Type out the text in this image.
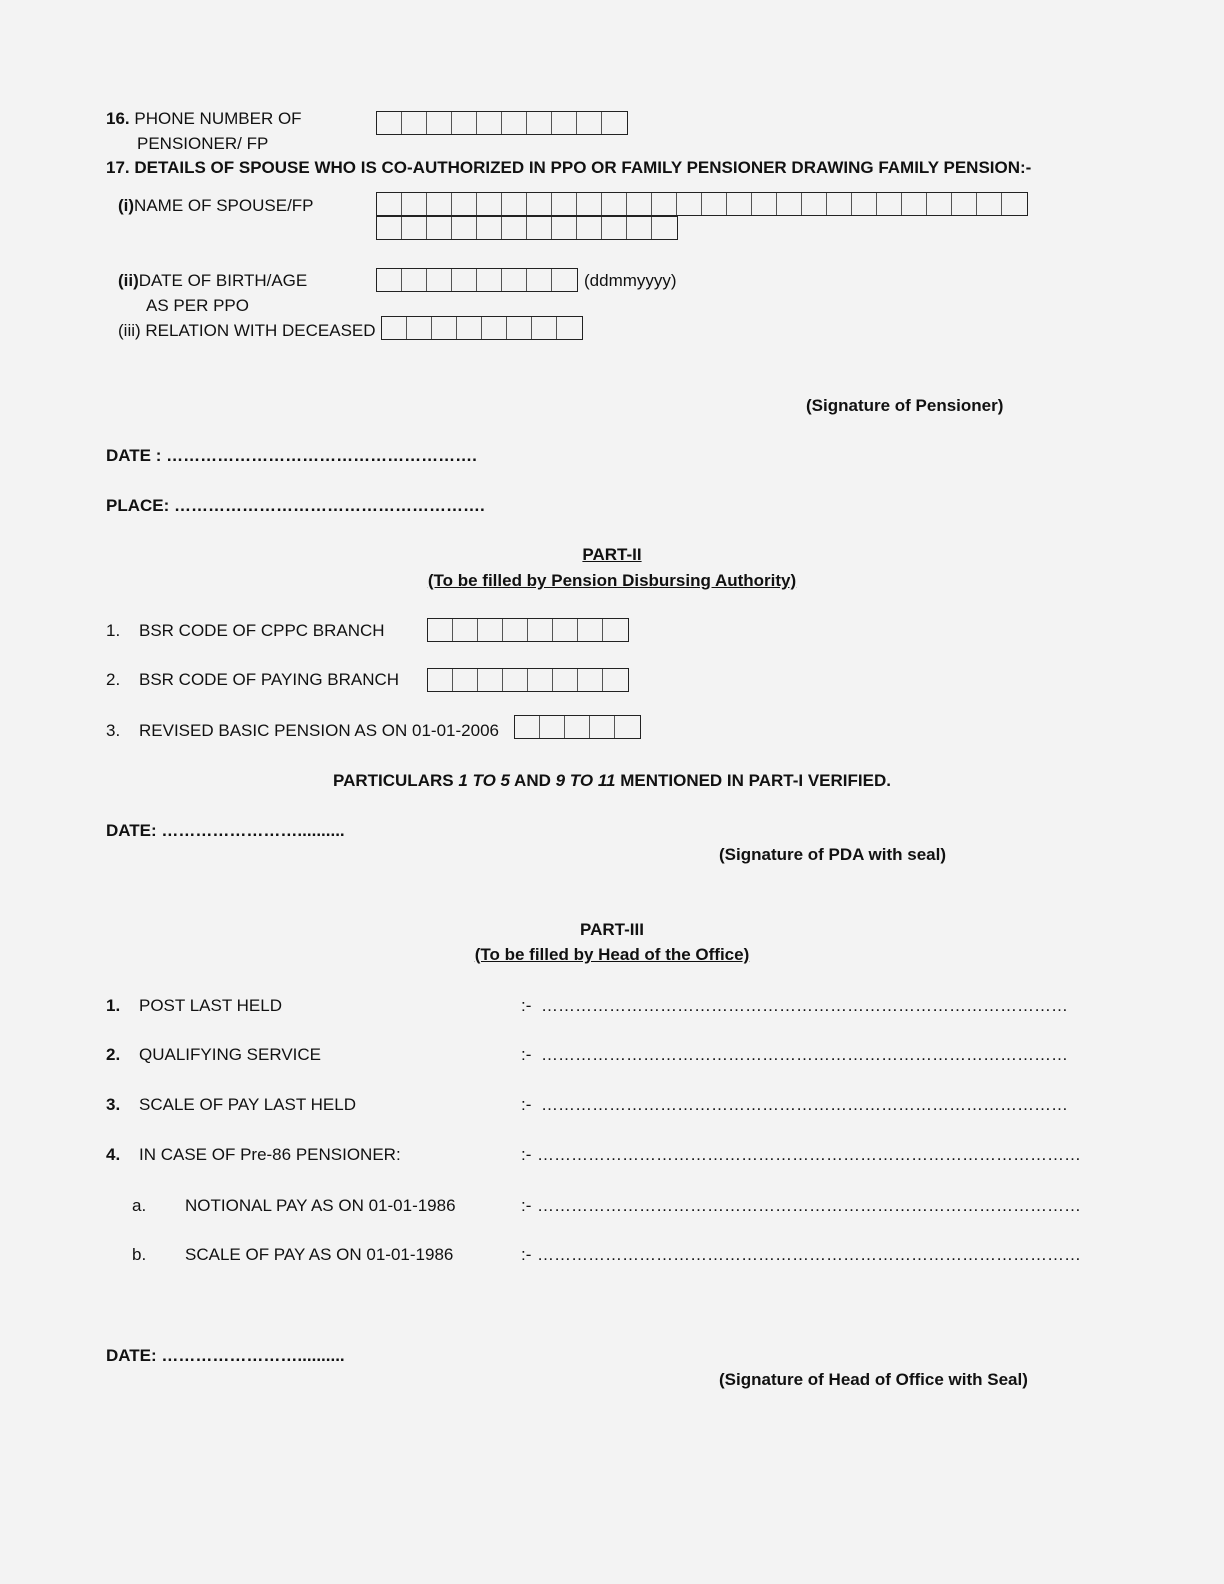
16. PHONE NUMBER OF
PENSIONER/ FP
17. DETAILS OF SPOUSE WHO IS CO-AUTHORIZED IN PPO OR FAMILY PENSIONER DRAWING FAMILY PENSION:-
(i)NAME OF SPOUSE/FP
(ii)DATE OF BIRTH/AGE
AS PER PPO
(ddmmyyyy)
(iii) RELATION WITH DECEASED
(Signature of Pensioner)
DATE : ……………………………………………….
PLACE: ……………………………………………….
PART-II
(To be filled by Pension Disbursing Authority)
1. BSR CODE OF CPPC BRANCH
2. BSR CODE OF PAYING BRANCH
3. REVISED BASIC PENSION AS ON 01-01-2006
PARTICULARS 1 TO 5 AND 9 TO 11 MENTIONED IN PART-I VERIFIED.
DATE: ……………………..........
(Signature of PDA with seal)
PART-III
(To be filled by Head of the Office)
1. POST LAST HELD	:- …………………………………………………………………………………
2. QUALIFYING SERVICE	:- …………………………………………………………………………………
3. SCALE OF PAY LAST HELD	:- …………………………………………………………………………………
4. IN CASE OF Pre-86 PENSIONER:	:- ……………………………………………………………………………………
a. NOTIONAL PAY AS ON 01-01-1986	:- ……………………………………………………………………………………
b. SCALE OF PAY AS ON 01-01-1986	:- ……………………………………………………………………………………
DATE: ……………………..........
(Signature of Head of Office with Seal)
